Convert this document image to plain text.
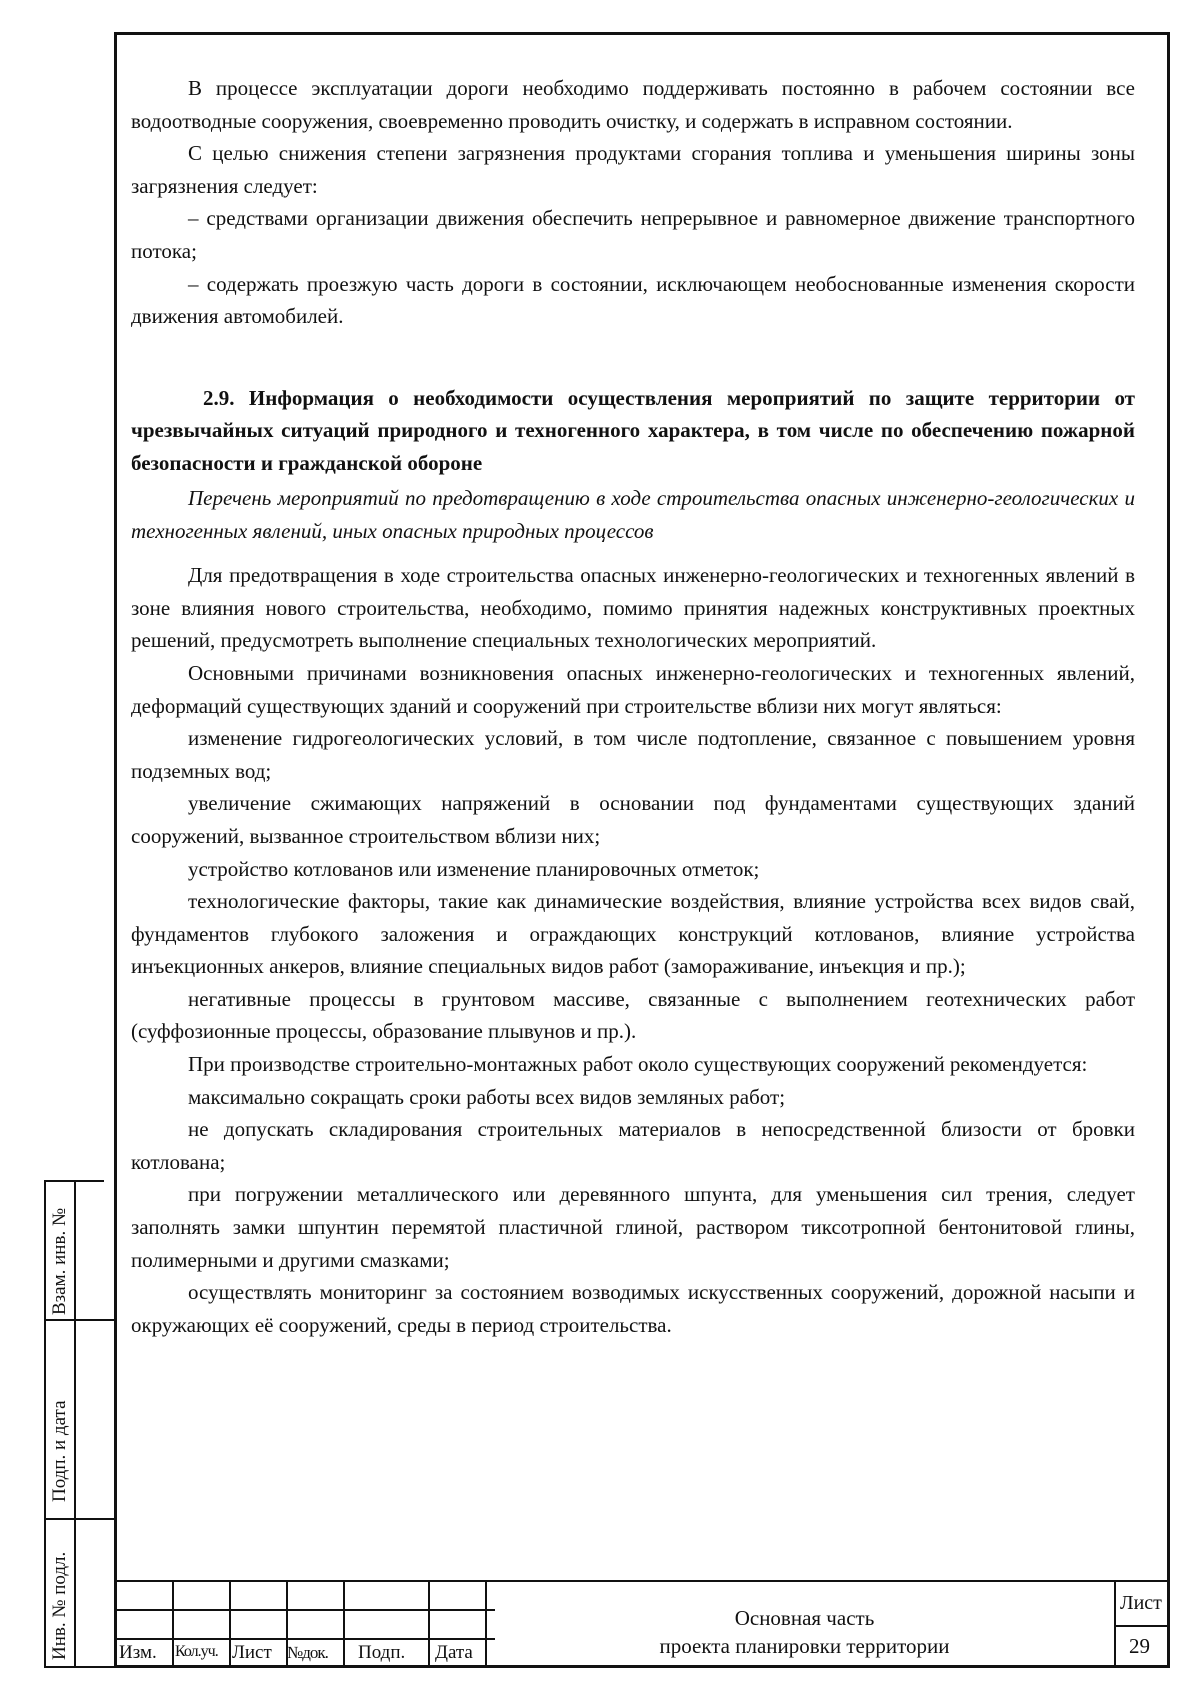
В процессе эксплуатации дороги необходимо поддерживать постоянно в рабочем состоянии все водоотводные сооружения, своевременно проводить очистку, и содержать в исправном состоянии.

С целью снижения степени загрязнения продуктами сгорания топлива и уменьшения ширины зоны загрязнения следует:

– средствами организации движения обеспечить непрерывное и равномерное движение транспортного потока;

– содержать проезжую часть дороги в состоянии, исключающем необоснованные изменения скорости движения автомобилей.

2.9. Информация о необходимости осуществления мероприятий по защите территории от чрезвычайных ситуаций природного и техногенного характера, в том числе по обеспечению пожарной безопасности и гражданской обороне

Перечень мероприятий по предотвращению в ходе строительства опасных инженерно-геологических и техногенных явлений, иных опасных природных процессов

Для предотвращения в ходе строительства опасных инженерно-геологических и техногенных явлений в зоне влияния нового строительства, необходимо, помимо принятия надежных конструктивных проектных решений, предусмотреть выполнение специальных технологических мероприятий.

Основными причинами возникновения опасных инженерно-геологических и техногенных явлений, деформаций существующих зданий и сооружений при строительстве вблизи них могут являться:

изменение гидрогеологических условий, в том числе подтопление, связанное с повышением уровня подземных вод;

увеличение сжимающих напряжений в основании под фундаментами существующих зданий сооружений, вызванное строительством вблизи них;

устройство котлованов или изменение планировочных отметок;

технологические факторы, такие как динамические воздействия, влияние устройства всех видов свай, фундаментов глубокого заложения и ограждающих конструкций котлованов, влияние устройства инъекционных анкеров, влияние специальных видов работ (замораживание, инъекция и пр.);

негативные процессы в грунтовом массиве, связанные с выполнением геотехнических работ (суффозионные процессы, образование плывунов и пр.).

При производстве строительно-монтажных работ около существующих сооружений рекомендуется:

максимально сокращать сроки работы всех видов земляных работ;

не допускать складирования строительных материалов в непосредственной близости от бровки котлована;

при погружении металлического или деревянного шпунта, для уменьшения сил трения, следует заполнять замки шпунтин перемятой пластичной глиной, раствором тиксотропной бентонитовой глины, полимерными и другими смазками;

осуществлять мониторинг за состоянием возводимых искусственных сооружений, дорожной насыпи и окружающих её сооружений, среды в период строительства.

Взам. инв. №
Подп. и дата
Инв. № подл.	Изм. Кол.уч. Лист №док. Подп. Дата
Основная часть
проекта планировки территории
Лист
29
